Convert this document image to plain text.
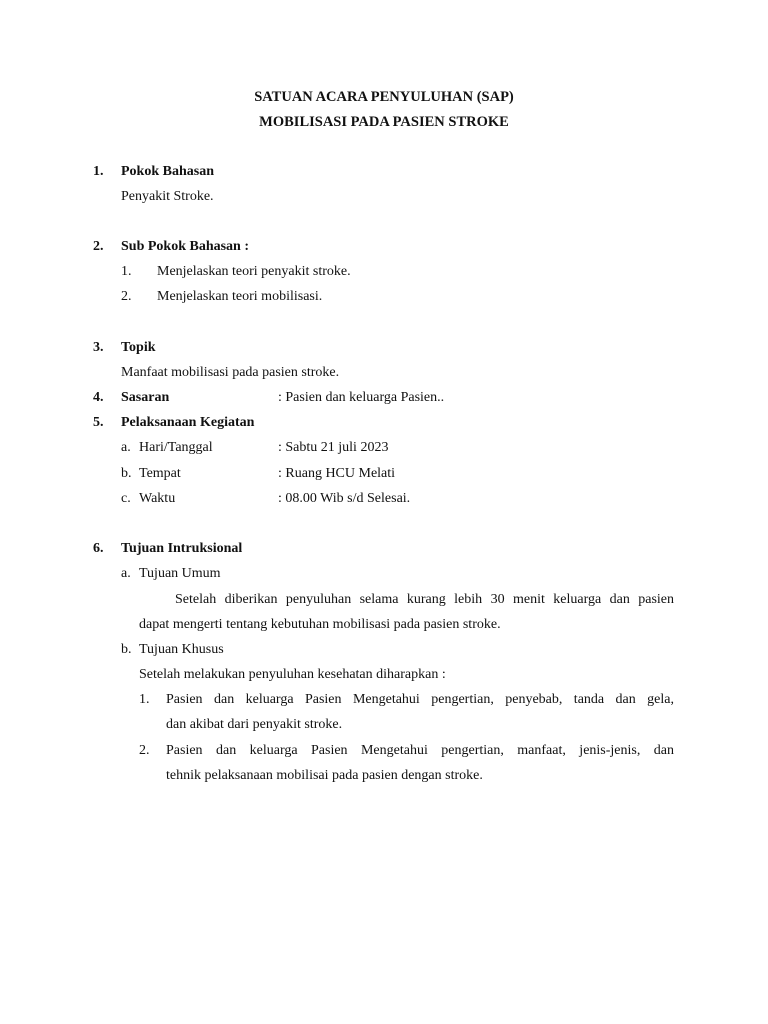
SATUAN ACARA PENYULUHAN (SAP)
MOBILISASI PADA PASIEN STROKE
1. Pokok Bahasan
Penyakit Stroke.
2. Sub Pokok Bahasan :
1. Menjelaskan teori penyakit stroke.
2. Menjelaskan teori mobilisasi.
3. Topik
Manfaat mobilisasi pada pasien stroke.
4. Sasaran	: Pasien dan keluarga Pasien..
5. Pelaksanaan Kegiatan
a. Hari/Tanggal	: Sabtu 21 juli 2023
b. Tempat	: Ruang HCU Melati
c. Waktu	: 08.00 Wib s/d Selesai.
6. Tujuan Intruksional
a. Tujuan Umum
Setelah diberikan penyuluhan selama kurang lebih 30 menit keluarga dan pasien
dapat mengerti tentang kebutuhan mobilisasi pada pasien stroke.
b. Tujuan Khusus
Setelah melakukan penyuluhan kesehatan diharapkan :
1. Pasien dan keluarga Pasien Mengetahui pengertian, penyebab, tanda dan gela,
dan akibat dari penyakit stroke.
2. Pasien dan keluarga Pasien Mengetahui pengertian, manfaat, jenis-jenis, dan
tehnik pelaksanaan mobilisai pada pasien dengan stroke.
